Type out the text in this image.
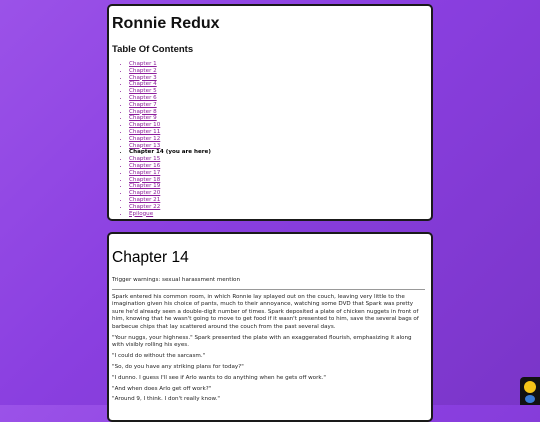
Ronnie Redux
Table Of Contents
• Chapter 1
• Chapter 2
• Chapter 3
• Chapter 4
• Chapter 5
• Chapter 6
• Chapter 7
• Chapter 8
• Chapter 9
• Chapter 10
• Chapter 11
• Chapter 12
• Chapter 13
• Chapter 14 (you are here)
• Chapter 15
• Chapter 16
• Chapter 17
• Chapter 18
• Chapter 19
• Chapter 20
• Chapter 21
• Chapter 22
• Epilogue
Chapter 14

Trigger warnings: sexual harassment mention

Spark entered his common room, in which Ronnie lay splayed out on the couch, leaving very little to the imagination given his choice of pants, much to their annoyance, watching some DVD that Spark was pretty sure he'd already seen a double-digit number of times. Spark deposited a plate of chicken nuggets in front of him, knowing that he wasn't going to move to get food if it wasn't presented to him, save the several bags of barbecue chips that lay scattered around the couch from the past several days.

"Your nuggs, your highness." Spark presented the plate with an exaggerated flourish, emphasizing it along with visibly rolling his eyes.

"I could do without the sarcasm."

"So, do you have any striking plans for today?"

"I dunno. I guess I'll see if Arlo wants to do anything when he gets off work."

"And when does Arlo get off work?"

"Around 9, I think. I don't really know."
